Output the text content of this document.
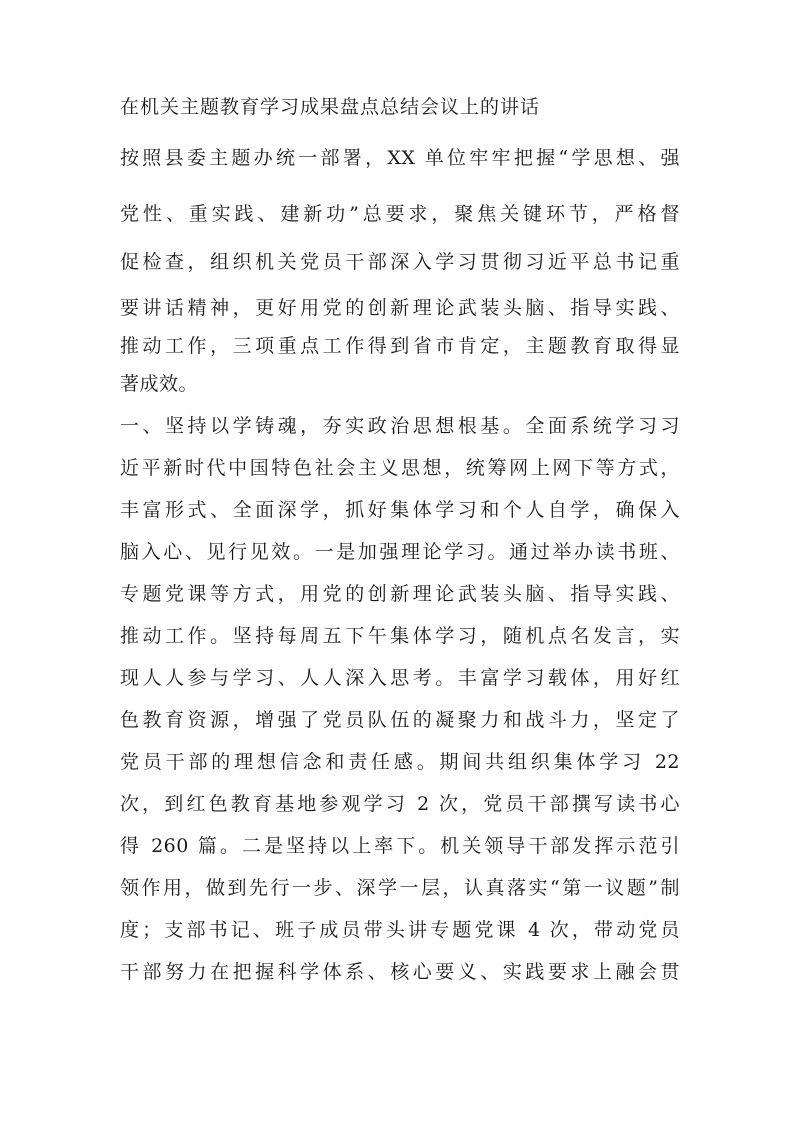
在机关主题教育学习成果盘点总结会议上的讲话
按照县委主题办统一部署，XX 单位牢牢把握“学思想、强
党性、重实践、建新功”总要求，聚焦关键环节，严格督
促检查，组织机关党员干部深入学习贯彻习近平总书记重
要讲话精神，更好用党的创新理论武装头脑、指导实践、
推动工作，三项重点工作得到省市肯定，主题教育取得显
著成效。
一、坚持以学铸魂，夯实政治思想根基。全面系统学习习
近平新时代中国特色社会主义思想，统筹网上网下等方式，
丰富形式、全面深学，抓好集体学习和个人自学，确保入
脑入心、见行见效。一是加强理论学习。通过举办读书班、
专题党课等方式，用党的创新理论武装头脑、指导实践、
推动工作。坚持每周五下午集体学习，随机点名发言，实
现人人参与学习、人人深入思考。丰富学习载体，用好红
色教育资源，增强了党员队伍的凝聚力和战斗力，坚定了
党员干部的理想信念和责任感。期间共组织集体学习 22
次，到红色教育基地参观学习 2 次，党员干部撰写读书心
得 260 篇。二是坚持以上率下。机关领导干部发挥示范引
领作用，做到先行一步、深学一层，认真落实“第一议题”制
度；支部书记、班子成员带头讲专题党课 4 次，带动党员
干部努力在把握科学体系、核心要义、实践要求上融会贯
